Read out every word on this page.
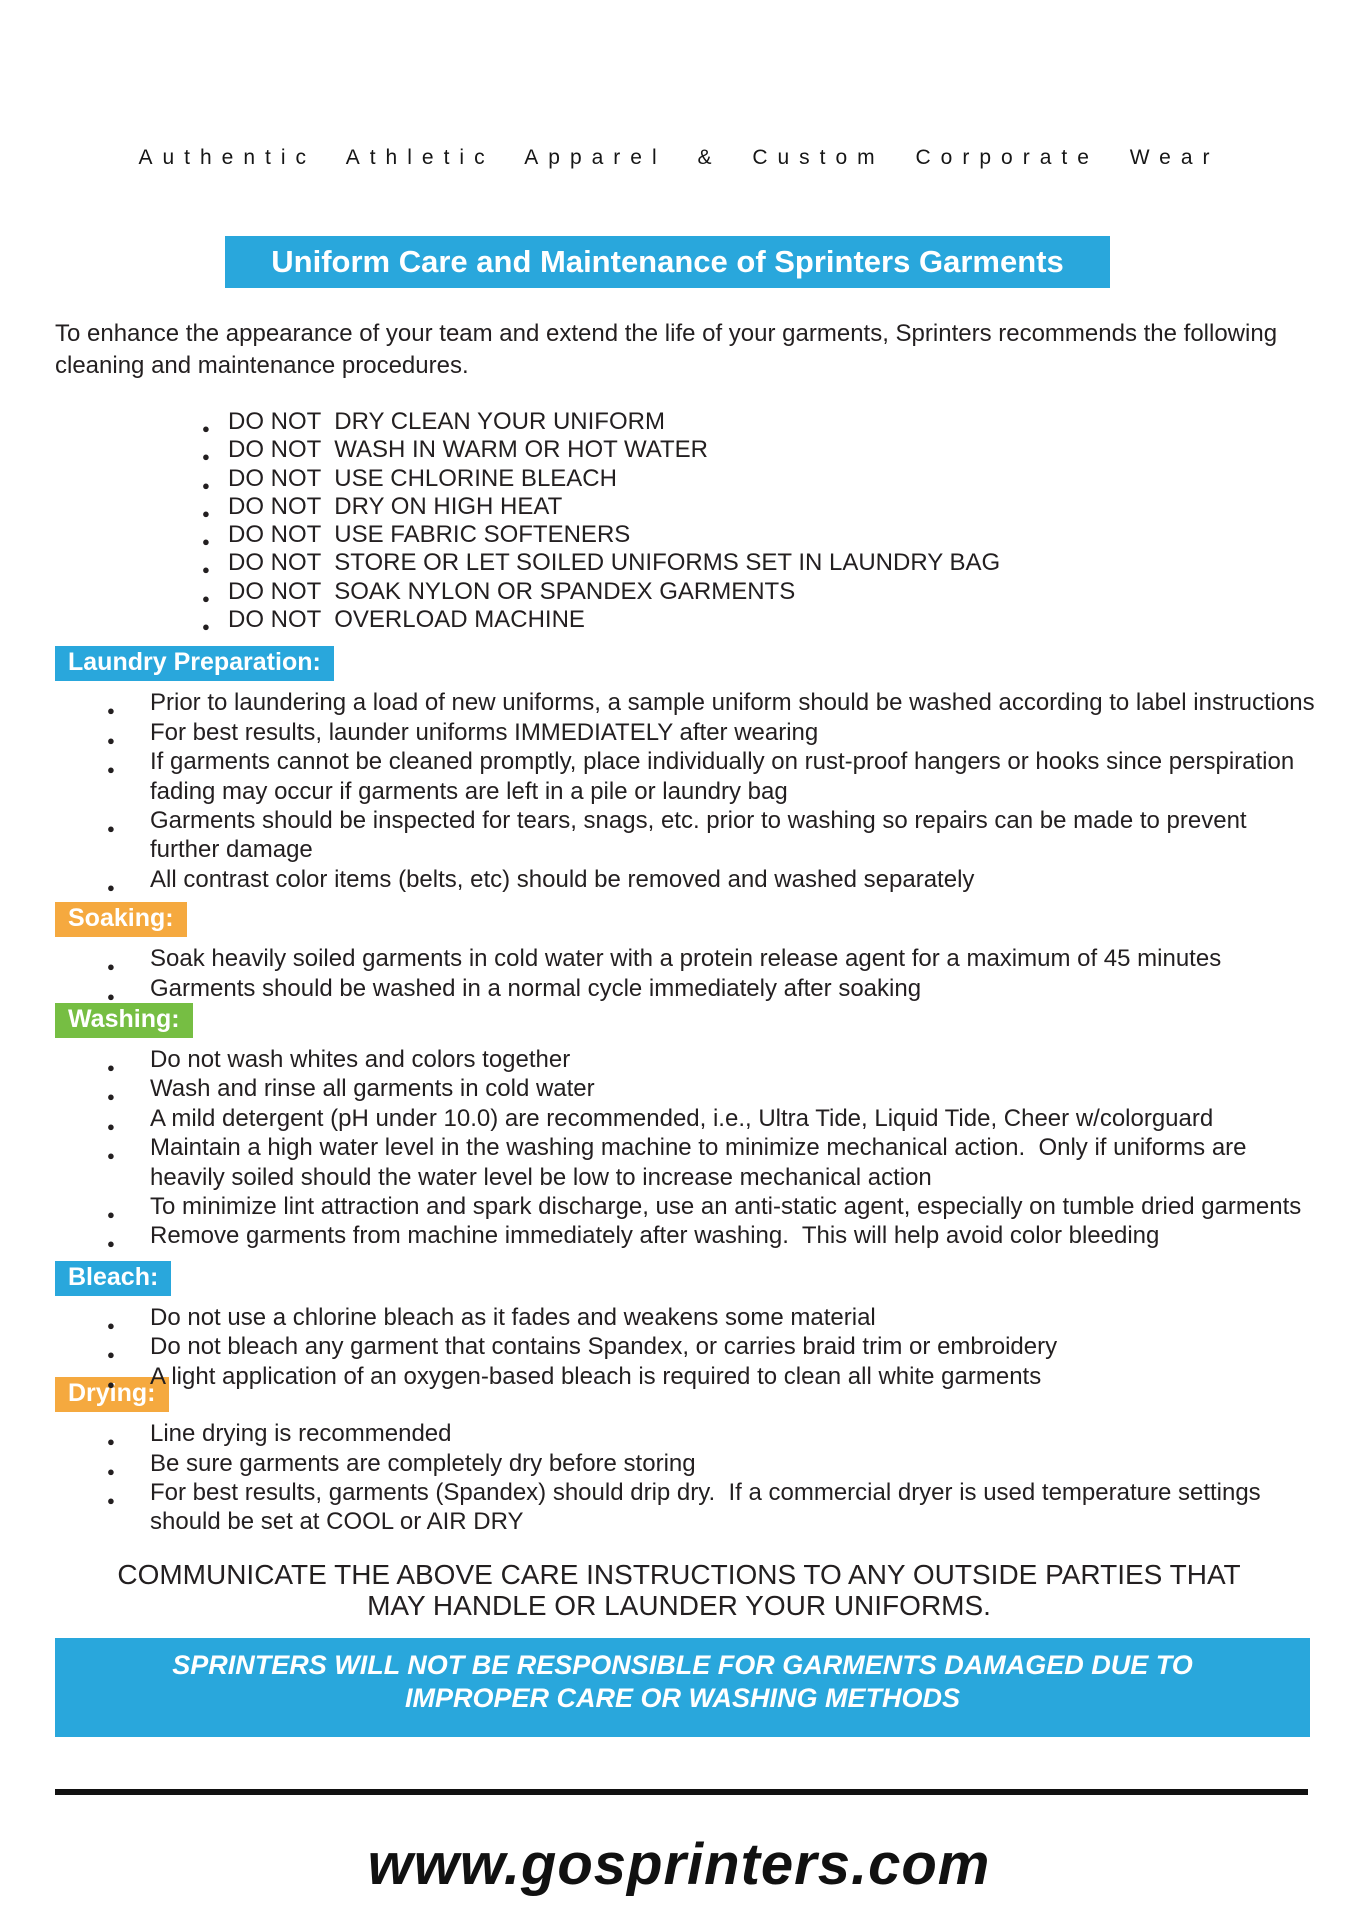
Authentic Athletic Apparel & Custom Corporate Wear
Uniform Care and Maintenance of Sprinters Garments

To enhance the appearance of your team and extend the life of your garments, Sprinters recommends the following cleaning and maintenance procedures.

● DO NOT  DRY CLEAN YOUR UNIFORM
● DO NOT  WASH IN WARM OR HOT WATER
● DO NOT  USE CHLORINE BLEACH
● DO NOT  DRY ON HIGH HEAT
● DO NOT  USE FABRIC SOFTENERS
● DO NOT  STORE OR LET SOILED UNIFORMS SET IN LAUNDRY BAG
● DO NOT  SOAK NYLON OR SPANDEX GARMENTS
● DO NOT  OVERLOAD MACHINE
Laundry Preparation:
● Prior to laundering a load of new uniforms, a sample uniform should be washed according to label instructions
● For best results, launder uniforms IMMEDIATELY after wearing
● If garments cannot be cleaned promptly, place individually on rust-proof hangers or hooks since perspiration fading may occur if garments are left in a pile or laundry bag
● Garments should be inspected for tears, snags, etc. prior to washing so repairs can be made to prevent further damage
● All contrast color items (belts, etc) should be removed and washed separately
Soaking:
● Soak heavily soiled garments in cold water with a protein release agent for a maximum of 45 minutes
● Garments should be washed in a normal cycle immediately after soaking
Washing:
● Do not wash whites and colors together
● Wash and rinse all garments in cold water
● A mild detergent (pH under 10.0) are recommended, i.e., Ultra Tide, Liquid Tide, Cheer w/colorguard
● Maintain a high water level in the washing machine to minimize mechanical action.  Only if uniforms are heavily soiled should the water level be low to increase mechanical action
● To minimize lint attraction and spark discharge, use an anti-static agent, especially on tumble dried garments
● Remove garments from machine immediately after washing.  This will help avoid color bleeding
Bleach:
● Do not use a chlorine bleach as it fades and weakens some material
● Do not bleach any garment that contains Spandex, or carries braid trim or embroidery
● A light application of an oxygen-based bleach is required to clean all white garments
Drying:
● Line drying is recommended
● Be sure garments are completely dry before storing
● For best results, garments (Spandex) should drip dry.  If a commercial dryer is used temperature settings should be set at COOL or AIR DRY
COMMUNICATE THE ABOVE CARE INSTRUCTIONS TO ANY OUTSIDE PARTIES THAT
MAY HANDLE OR LAUNDER YOUR UNIFORMS.
SPRINTERS WILL NOT BE RESPONSIBLE FOR GARMENTS DAMAGED DUE TO
IMPROPER CARE OR WASHING METHODS
www.gosprinters.com
